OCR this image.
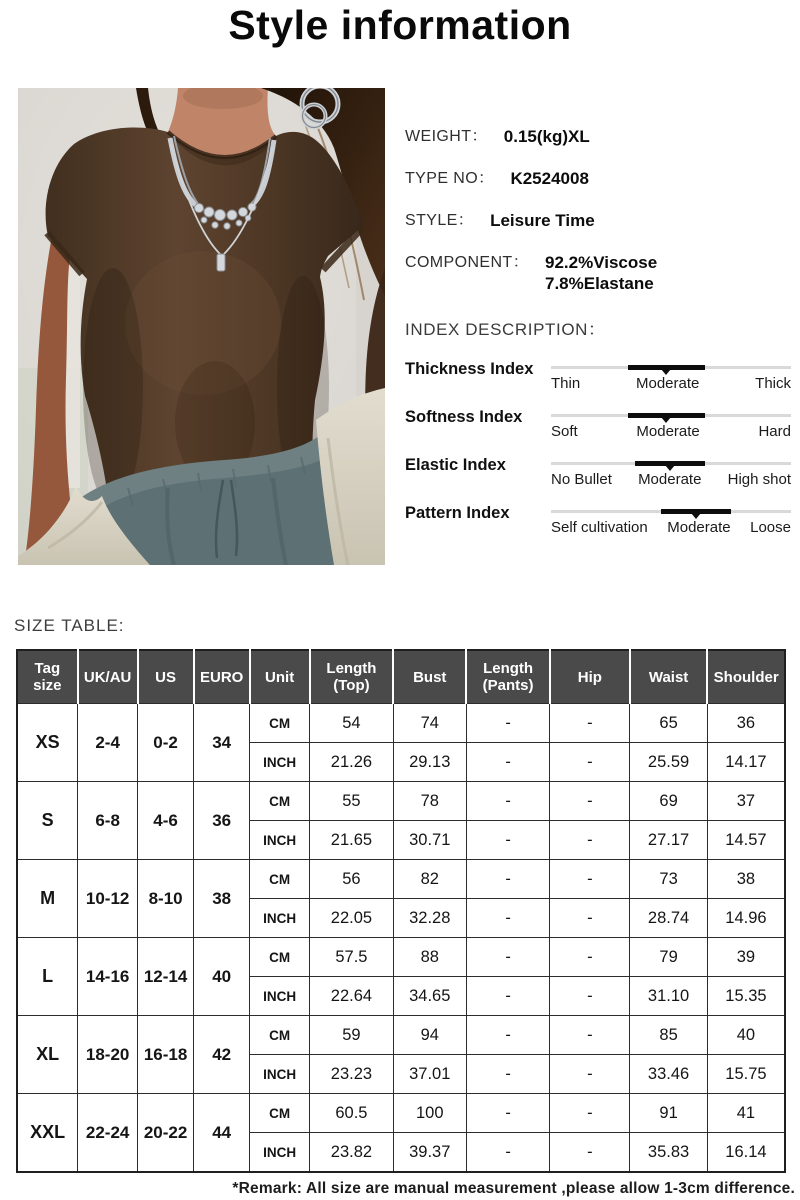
Style information
WEIGHT： 0.15(kg)XL
TYPE NO： K2524008
STYLE： Leisure Time
COMPONENT： 92.2%Viscose
7.8%Elastane
INDEX DESCRIPTION：
Thickness Index
Thin	Moderate	Thick
Softness Index
Soft	Moderate	Hard
Elastic Index
No Bullet Moderate High shot
Pattern Index
Self cultivation Moderate Loose
SIZE TABLE:
Tag size	UK/AU	US	EURO	Unit	Length (Top)	Bust	Length (Pants)	Hip	Waist	Shoulder
XS	2-4	0-2	34	CM	54	74	-	-	65	36
				INCH	21.26	29.13	-	-	25.59	14.17
S	6-8	4-6	36	CM	55	78	-	-	69	37
				INCH	21.65	30.71	-	-	27.17	14.57
M	10-12	8-10	38	CM	56	82	-	-	73	38
				INCH	22.05	32.28	-	-	28.74	14.96
L	14-16	12-14	40	CM	57.5	88	-	-	79	39
				INCH	22.64	34.65	-	-	31.10	15.35
XL	18-20	16-18	42	CM	59	94	-	-	85	40
				INCH	23.23	37.01	-	-	33.46	15.75
XXL	22-24	20-22	44	CM	60.5	100	-	-	91	41
				INCH	23.82	39.37	-	-	35.83	16.14
*Remark: All size are manual measurement ,please allow 1-3cm difference.
